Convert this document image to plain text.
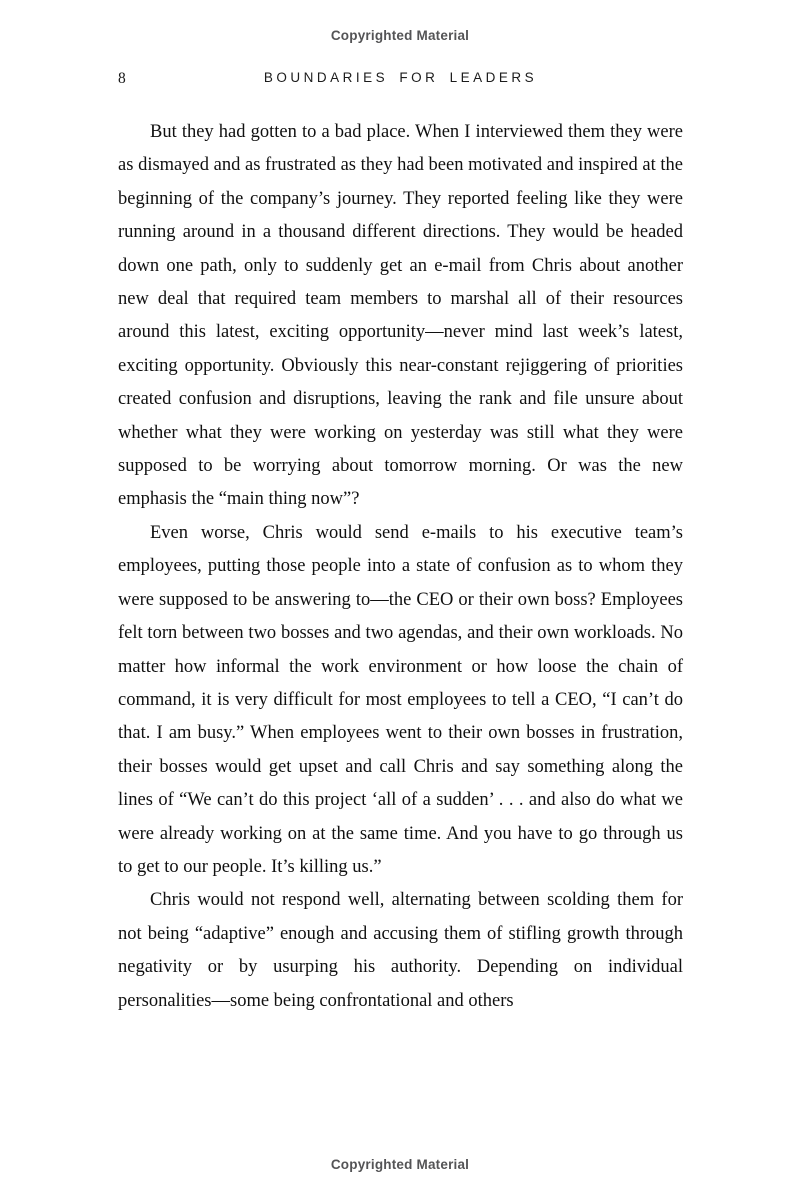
Copyrighted Material
8	BOUNDARIES FOR LEADERS

But they had gotten to a bad place. When I interviewed them they were as dismayed and as frustrated as they had been motivated and inspired at the beginning of the company’s journey. They reported feeling like they were running around in a thousand different directions. They would be headed down one path, only to suddenly get an e-mail from Chris about another new deal that required team members to marshal all of their resources around this latest, exciting opportunity—never mind last week’s latest, exciting opportunity. Obviously this near-constant rejiggering of priorities created confusion and disruptions, leaving the rank and file unsure about whether what they were working on yesterday was still what they were supposed to be worrying about tomorrow morning. Or was the new emphasis the “main thing now”?

Even worse, Chris would send e-mails to his executive team’s employees, putting those people into a state of confusion as to whom they were supposed to be answering to—the CEO or their own boss? Employees felt torn between two bosses and two agendas, and their own workloads. No matter how informal the work environment or how loose the chain of command, it is very difficult for most employees to tell a CEO, “I can’t do that. I am busy.” When employees went to their own bosses in frustration, their bosses would get upset and call Chris and say something along the lines of “We can’t do this project ‘all of a sudden’ . . . and also do what we were already working on at the same time. And you have to go through us to get to our people. It’s killing us.”

Chris would not respond well, alternating between scolding them for not being “adaptive” enough and accusing them of stifling growth through negativity or by usurping his authority. Depending on individual personalities—some being confrontational and others

Copyrighted Material
